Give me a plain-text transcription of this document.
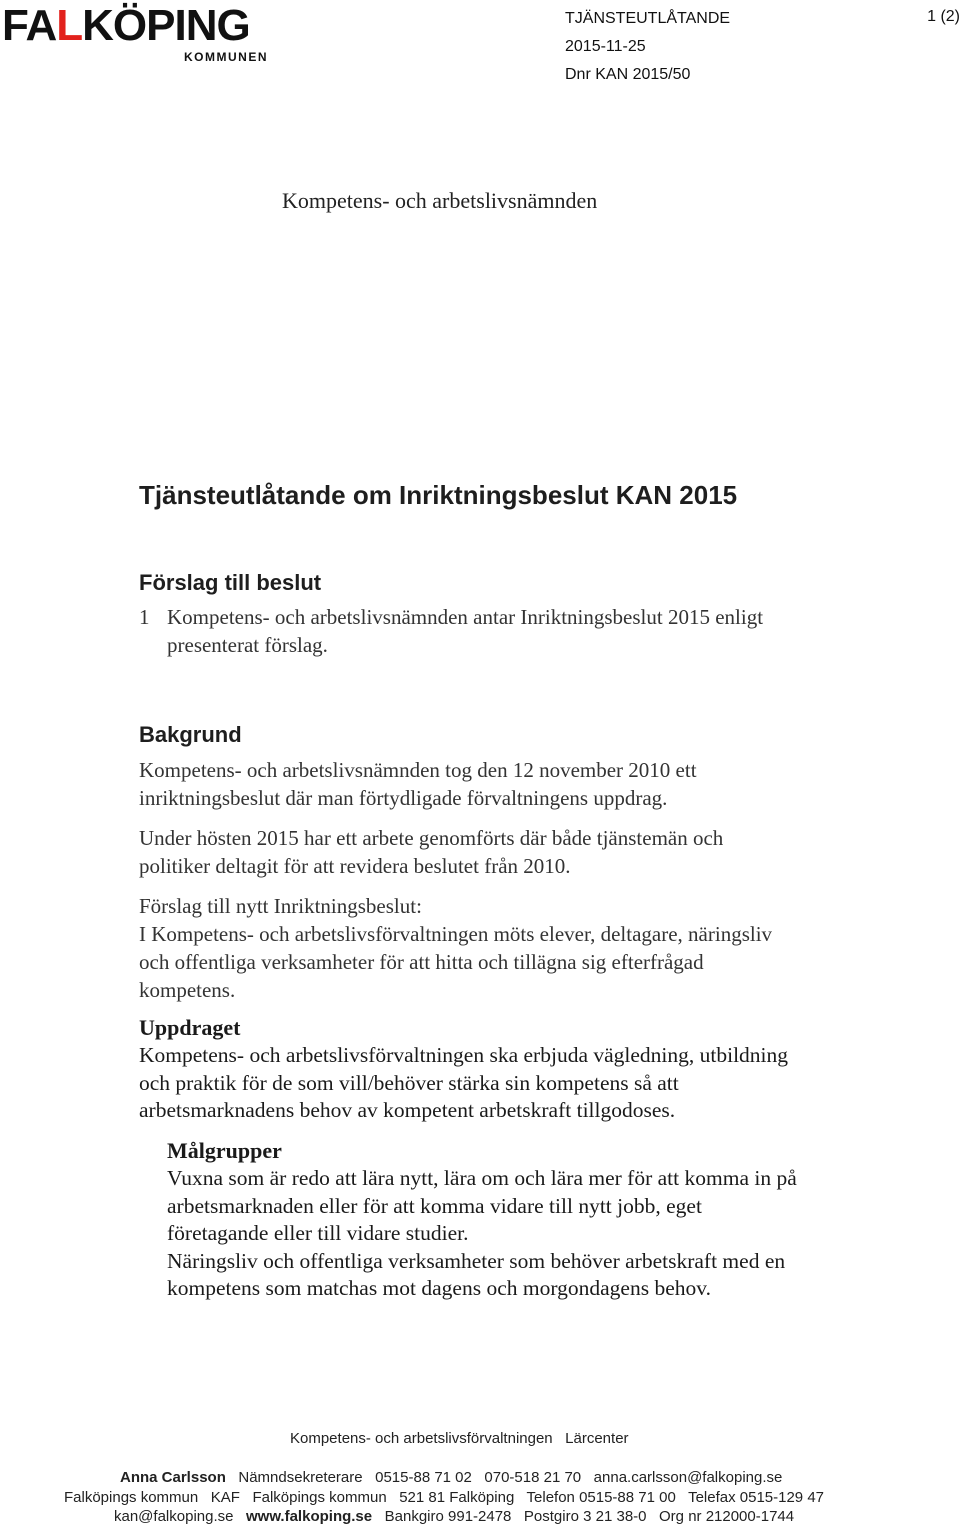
FALKÖPING
KOMMUNEN
TJÄNSTEUTLÅTANDE
2015-11-25
Dnr KAN 2015/50
1 (2)
Kompetens- och arbetslivsnämnden
Tjänsteutlåtande om Inriktningsbeslut KAN 2015
Förslag till beslut
1 Kompetens- och arbetslivsnämnden antar Inriktningsbeslut 2015 enligt
presenterat förslag.
Bakgrund
Kompetens- och arbetslivsnämnden tog den 12 november 2010 ett
inriktningsbeslut där man förtydligade förvaltningens uppdrag.
Under hösten 2015 har ett arbete genomförts där både tjänstemän och
politiker deltagit för att revidera beslutet från 2010.
Förslag till nytt Inriktningsbeslut:
I Kompetens- och arbetslivsförvaltningen möts elever, deltagare, näringsliv
och offentliga verksamheter för att hitta och tillägna sig efterfrågad
kompetens.
Uppdraget
Kompetens- och arbetslivsförvaltningen ska erbjuda vägledning, utbildning
och praktik för de som vill/behöver stärka sin kompetens så att
arbetsmarknadens behov av kompetent arbetskraft tillgodoses.
Målgrupper
Vuxna som är redo att lära nytt, lära om och lära mer för att komma in på
arbetsmarknaden eller för att komma vidare till nytt jobb, eget
företagande eller till vidare studier.
Näringsliv och offentliga verksamheter som behöver arbetskraft med en
kompetens som matchas mot dagens och morgondagens behov.
Kompetens- och arbetslivsförvaltningen Lärcenter
Anna Carlsson Nämndsekreterare 0515-88 71 02 070-518 21 70 anna.carlsson@falkoping.se
Falköpings kommun KAF Falköpings kommun 521 81 Falköping Telefon 0515-88 71 00 Telefax 0515-129 47
kan@falkoping.se www.falkoping.se Bankgiro 991-2478 Postgiro 3 21 38-0 Org nr 212000-1744
